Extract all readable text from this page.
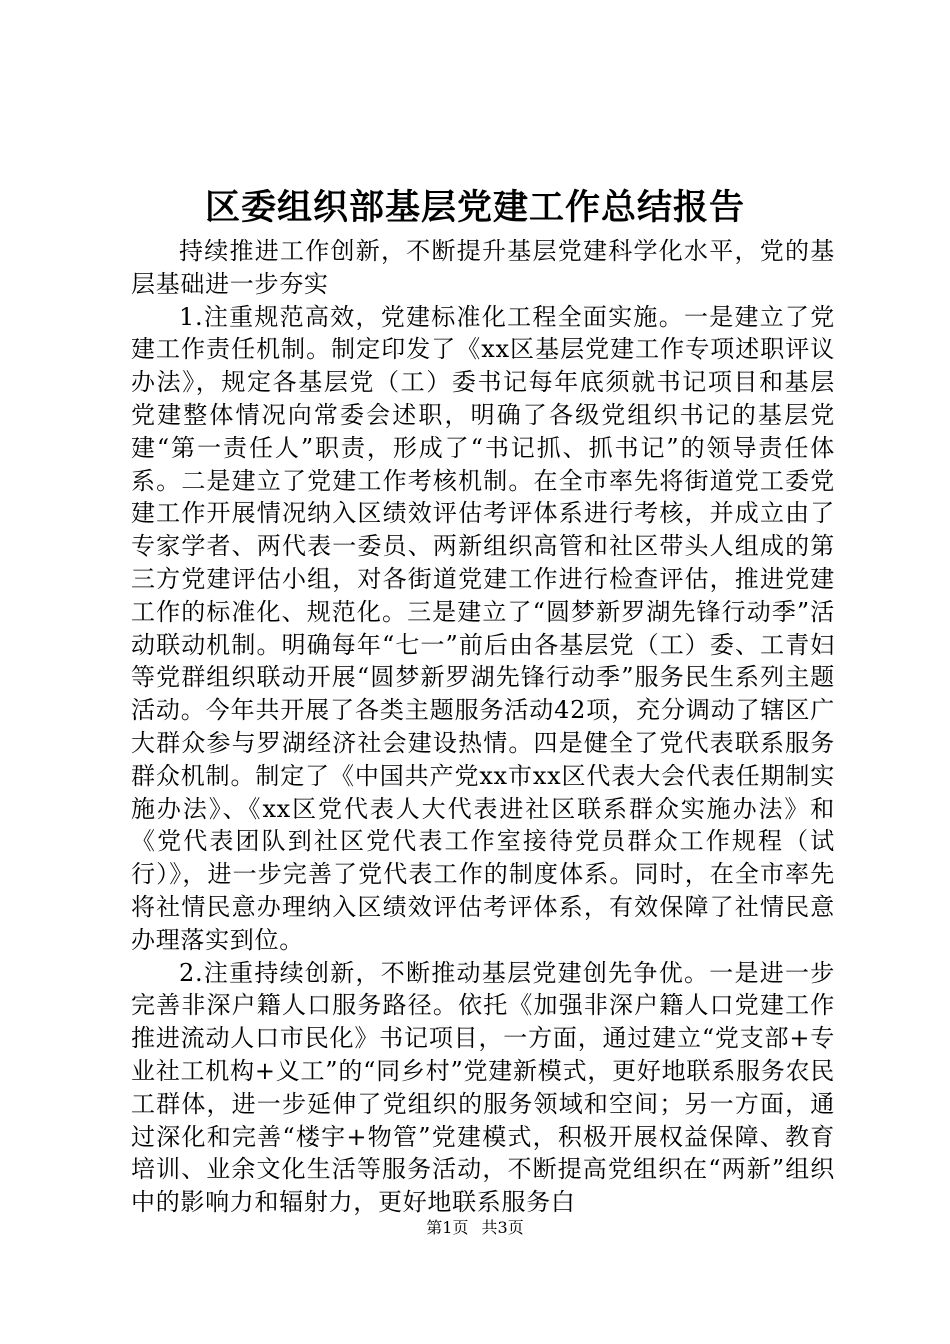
区委组织部基层党建工作总结报告

持续推进工作创新，不断提升基层党建科学化水平，党的基层基础进一步夯实

1.注重规范高效，党建标准化工程全面实施。一是建立了党建工作责任机制。制定印发了《xx区基层党建工作专项述职评议办法》，规定各基层党（工）委书记每年底须就书记项目和基层党建整体情况向常委会述职，明确了各级党组织书记的基层党建“第一责任人”职责，形成了“书记抓、抓书记”的领导责任体系。二是建立了党建工作考核机制。在全市率先将街道党工委党建工作开展情况纳入区绩效评估考评体系进行考核，并成立由了专家学者、两代表一委员、两新组织高管和社区带头人组成的第三方党建评估小组，对各街道党建工作进行检查评估，推进党建工作的标准化、规范化。三是建立了“圆梦新罗湖先锋行动季”活动联动机制。明确每年“七一”前后由各基层党（工）委、工青妇等党群组织联动开展“圆梦新罗湖先锋行动季”服务民生系列主题活动。今年共开展了各类主题服务活动42项，充分调动了辖区广大群众参与罗湖经济社会建设热情。四是健全了党代表联系服务群众机制。制定了《中国共产党xx市xx区代表大会代表任期制实施办法》、《xx区党代表人大代表进社区联系群众实施办法》和《党代表团队到社区党代表工作室接待党员群众工作规程（试行）》，进一步完善了党代表工作的制度体系。同时，在全市率先将社情民意办理纳入区绩效评估考评体系，有效保障了社情民意办理落实到位。

2.注重持续创新，不断推动基层党建创先争优。一是进一步完善非深户籍人口服务路径。依托《加强非深户籍人口党建工作推进流动人口市民化》书记项目，一方面，通过建立“党支部+专业社工机构+义工”的“同乡村”党建新模式，更好地联系服务农民工群体，进一步延伸了党组织的服务领域和空间；另一方面，通过深化和完善“楼宇+物管”党建模式，积极开展权益保障、教育培训、业余文化生活等服务活动，不断提高党组织在“两新”组织中的影响力和辐射力，更好地联系服务白

第1页 共3页
